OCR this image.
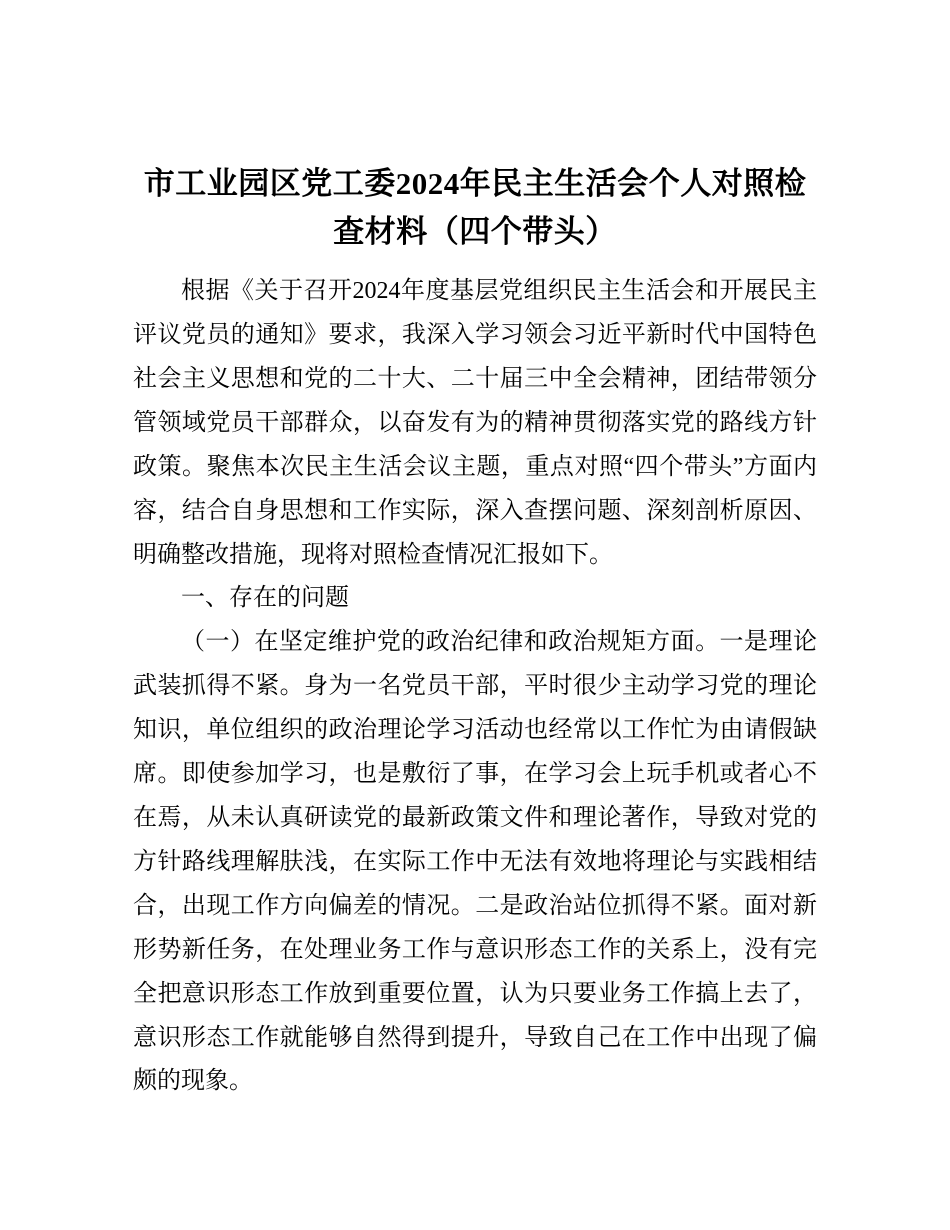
市工业园区党工委2024年民主生活会个人对照检查材料（四个带头）

根据《关于召开2024年度基层党组织民主生活会和开展民主评议党员的通知》要求，我深入学习领会习近平新时代中国特色社会主义思想和党的二十大、二十届三中全会精神，团结带领分管领域党员干部群众，以奋发有为的精神贯彻落实党的路线方针政策。聚焦本次民主生活会议主题，重点对照“四个带头”方面内容，结合自身思想和工作实际，深入查摆问题、深刻剖析原因、明确整改措施，现将对照检查情况汇报如下。

一、存在的问题

（一）在坚定维护党的政治纪律和政治规矩方面。一是理论武装抓得不紧。身为一名党员干部，平时很少主动学习党的理论知识，单位组织的政治理论学习活动也经常以工作忙为由请假缺席。即使参加学习，也是敷衍了事，在学习会上玩手机或者心不在焉，从未认真研读党的最新政策文件和理论著作，导致对党的方针路线理解肤浅，在实际工作中无法有效地将理论与实践相结合，出现工作方向偏差的情况。二是政治站位抓得不紧。面对新形势新任务，在处理业务工作与意识形态工作的关系上，没有完全把意识形态工作放到重要位置，认为只要业务工作搞上去了，意识形态工作就能够自然得到提升，导致自己在工作中出现了偏颇的现象。
